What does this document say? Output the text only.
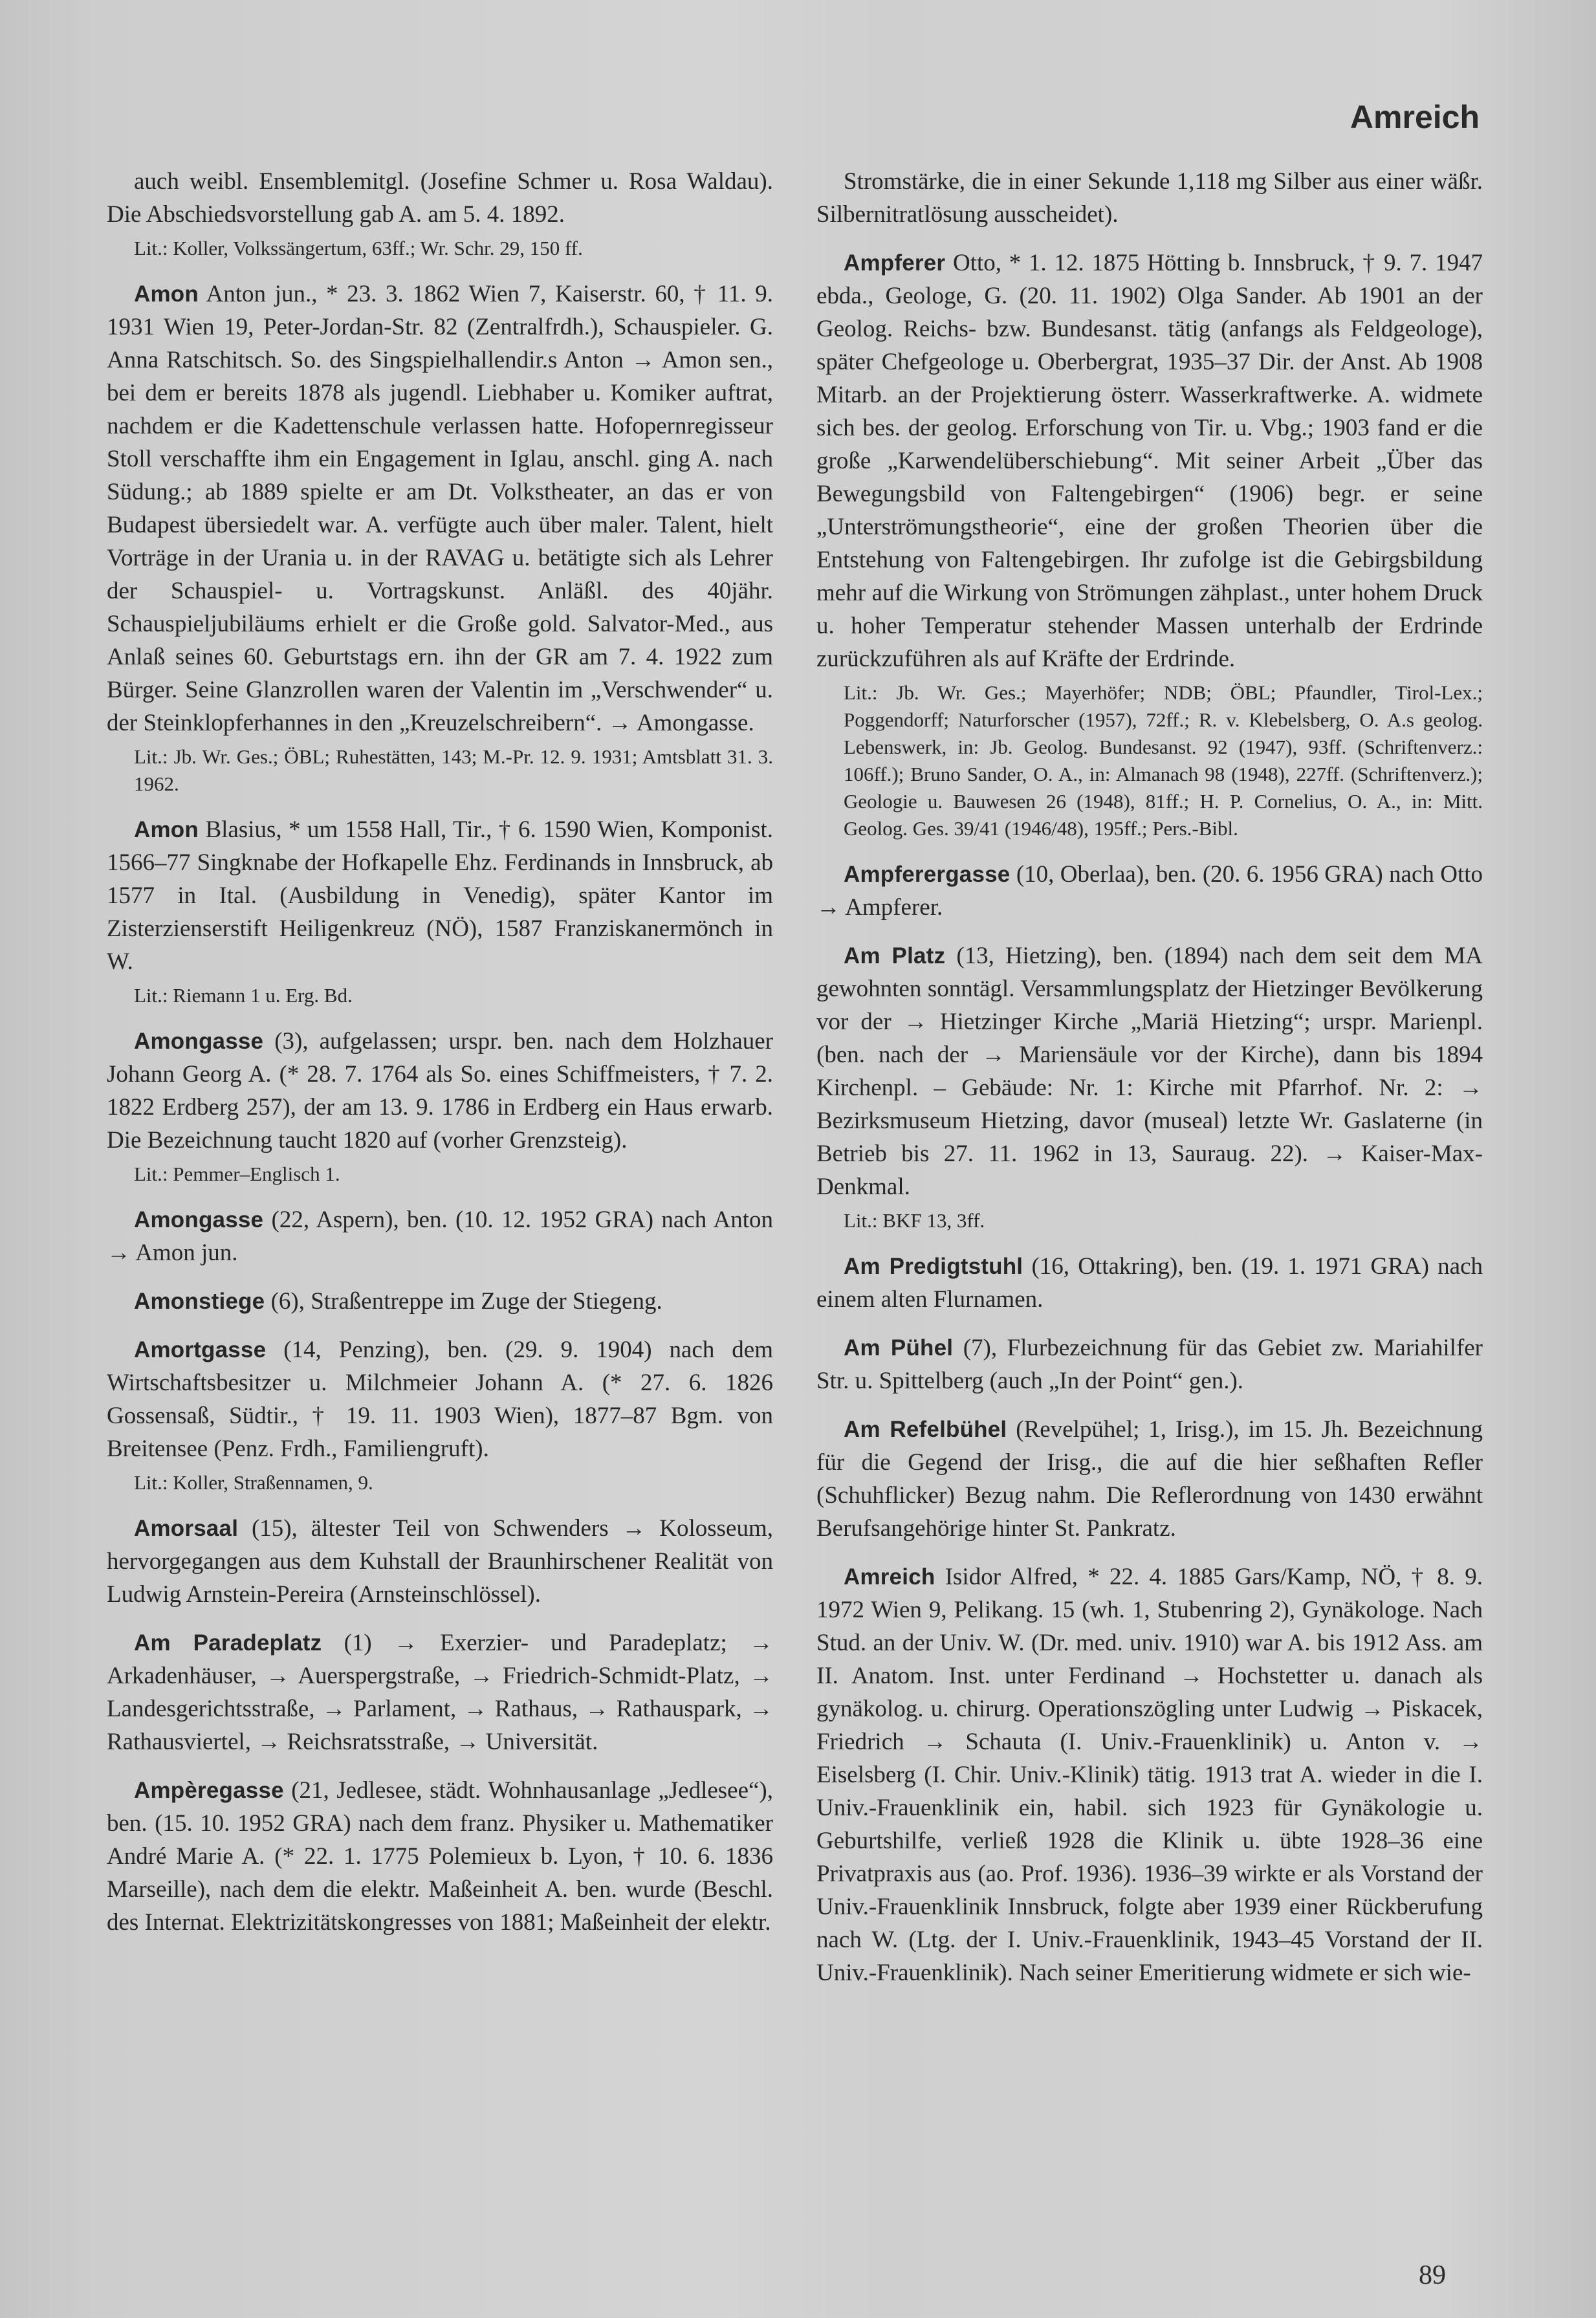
Amreich
auch weibl. Ensemblemitgl. (Josefine Schmer u. Rosa Waldau). Die Abschiedsvorstellung gab A. am 5. 4. 1892.
Lit.: Koller, Volkssängertum, 63ff.; Wr. Schr. 29, 150 ff.
Amon Anton jun., * 23. 3. 1862 Wien 7, Kaiserstr. 60, † 11. 9. 1931 Wien 19, Peter-Jordan-Str. 82 (Zentralfrdh.), Schauspieler. G. Anna Ratschitsch. So. des Singspielhallendir.s Anton → Amon sen., bei dem er bereits 1878 als jugendl. Liebhaber u. Komiker auftrat, nachdem er die Kadettenschule verlassen hatte. Hofopernregisseur Stoll verschaffte ihm ein Engagement in Iglau, anschl. ging A. nach Südung.; ab 1889 spielte er am Dt. Volkstheater, an das er von Budapest übersiedelt war. A. verfügte auch über maler. Talent, hielt Vorträge in der Urania u. in der RAVAG u. betätigte sich als Lehrer der Schauspiel- u. Vortragskunst. Anläßl. des 40jähr. Schauspieljubiläums erhielt er die Große gold. Salvator-Med., aus Anlaß seines 60. Geburtstags ern. ihn der GR am 7. 4. 1922 zum Bürger. Seine Glanzrollen waren der Valentin im „Verschwender“ u. der Steinklopferhannes in den „Kreuzelschreibern“. → Amongasse.
Lit.: Jb. Wr. Ges.; ÖBL; Ruhestätten, 143; M.-Pr. 12. 9. 1931; Amtsblatt 31. 3. 1962.
Amon Blasius, * um 1558 Hall, Tir., † 6. 1590 Wien, Komponist. 1566–77 Singknabe der Hofkapelle Ehz. Ferdinands in Innsbruck, ab 1577 in Ital. (Ausbildung in Venedig), später Kantor im Zisterzienserstift Heiligenkreuz (NÖ), 1587 Franziskanermönch in W.
Lit.: Riemann 1 u. Erg. Bd.
Amongasse (3), aufgelassen; urspr. ben. nach dem Holzhauer Johann Georg A. (* 28. 7. 1764 als So. eines Schiffmeisters, † 7. 2. 1822 Erdberg 257), der am 13. 9. 1786 in Erdberg ein Haus erwarb. Die Bezeichnung taucht 1820 auf (vorher Grenzsteig).
Lit.: Pemmer–Englisch 1.
Amongasse (22, Aspern), ben. (10. 12. 1952 GRA) nach Anton → Amon jun.
Amonstiege (6), Straßentreppe im Zuge der Stiegeng.
Amortgasse (14, Penzing), ben. (29. 9. 1904) nach dem Wirtschaftsbesitzer u. Milchmeier Johann A. (* 27. 6. 1826 Gossensaß, Südtir., † 19. 11. 1903 Wien), 1877–87 Bgm. von Breitensee (Penz. Frdh., Familiengruft).
Lit.: Koller, Straßennamen, 9.
Amorsaal (15), ältester Teil von Schwenders → Kolosseum, hervorgegangen aus dem Kuhstall der Braunhirschener Realität von Ludwig Arnstein-Pereira (Arnsteinschlössel).
Am Paradeplatz (1) → Exerzier- und Paradeplatz; → Arkadenhäuser, → Auerspergstraße, → Friedrich-Schmidt-Platz, → Landesgerichtsstraße, → Parlament, → Rathaus, → Rathauspark, → Rathausviertel, → Reichsratsstraße, → Universität.
Ampèregasse (21, Jedlesee, städt. Wohnhausanlage „Jedlesee“), ben. (15. 10. 1952 GRA) nach dem franz. Physiker u. Mathematiker André Marie A. (* 22. 1. 1775 Polemieux b. Lyon, † 10. 6. 1836 Marseille), nach dem die elektr. Maßeinheit A. ben. wurde (Beschl. des Internat. Elektrizitätskongresses von 1881; Maßeinheit der elektr.
Stromstärke, die in einer Sekunde 1,118 mg Silber aus einer wäßr. Silbernitratlösung ausscheidet).
Ampferer Otto, * 1. 12. 1875 Hötting b. Innsbruck, † 9. 7. 1947 ebda., Geologe, G. (20. 11. 1902) Olga Sander. Ab 1901 an der Geolog. Reichs- bzw. Bundesanst. tätig (anfangs als Feldgeologe), später Chefgeologe u. Oberbergrat, 1935–37 Dir. der Anst. Ab 1908 Mitarb. an der Projektierung österr. Wasserkraftwerke. A. widmete sich bes. der geolog. Erforschung von Tir. u. Vbg.; 1903 fand er die große „Karwendelüberschiebung“. Mit seiner Arbeit „Über das Bewegungsbild von Faltengebirgen“ (1906) begr. er seine „Unterströmungstheorie“, eine der großen Theorien über die Entstehung von Faltengebirgen. Ihr zufolge ist die Gebirgsbildung mehr auf die Wirkung von Strömungen zähplast., unter hohem Druck u. hoher Temperatur stehender Massen unterhalb der Erdrinde zurückzuführen als auf Kräfte der Erdrinde.
Lit.: Jb. Wr. Ges.; Mayerhöfer; NDB; ÖBL; Pfaundler, Tirol-Lex.; Poggendorff; Naturforscher (1957), 72ff.; R. v. Klebelsberg, O. A.s geolog. Lebenswerk, in: Jb. Geolog. Bundesanst. 92 (1947), 93ff. (Schriftenverz.: 106ff.); Bruno Sander, O. A., in: Almanach 98 (1948), 227ff. (Schriftenverz.); Geologie u. Bauwesen 26 (1948), 81ff.; H. P. Cornelius, O. A., in: Mitt. Geolog. Ges. 39/41 (1946/48), 195ff.; Pers.-Bibl.
Ampferergasse (10, Oberlaa), ben. (20. 6. 1956 GRA) nach Otto → Ampferer.
Am Platz (13, Hietzing), ben. (1894) nach dem seit dem MA gewohnten sonntägl. Versammlungsplatz der Hietzinger Bevölkerung vor der → Hietzinger Kirche „Mariä Hietzing“; urspr. Marienpl. (ben. nach der → Mariensäule vor der Kirche), dann bis 1894 Kirchenpl. – Gebäude: Nr. 1: Kirche mit Pfarrhof. Nr. 2: → Bezirksmuseum Hietzing, davor (museal) letzte Wr. Gaslaterne (in Betrieb bis 27. 11. 1962 in 13, Sauraug. 22). → Kaiser-Max-Denkmal.
Lit.: BKF 13, 3ff.
Am Predigtstuhl (16, Ottakring), ben. (19. 1. 1971 GRA) nach einem alten Flurnamen.
Am Pühel (7), Flurbezeichnung für das Gebiet zw. Mariahilfer Str. u. Spittelberg (auch „In der Point“ gen.).
Am Refelbühel (Revelpühel; 1, Irisg.), im 15. Jh. Bezeichnung für die Gegend der Irisg., die auf die hier seßhaften Refler (Schuhflicker) Bezug nahm. Die Reflerordnung von 1430 erwähnt Berufsangehörige hinter St. Pankratz.
Amreich Isidor Alfred, * 22. 4. 1885 Gars/Kamp, NÖ, † 8. 9. 1972 Wien 9, Pelikang. 15 (wh. 1, Stubenring 2), Gynäkologe. Nach Stud. an der Univ. W. (Dr. med. univ. 1910) war A. bis 1912 Ass. am II. Anatom. Inst. unter Ferdinand → Hochstetter u. danach als gynäkolog. u. chirurg. Operationszögling unter Ludwig → Piskacek, Friedrich → Schauta (I. Univ.-Frauenklinik) u. Anton v. → Eiselsberg (I. Chir. Univ.-Klinik) tätig. 1913 trat A. wieder in die I. Univ.-Frauenklinik ein, habil. sich 1923 für Gynäkologie u. Geburtshilfe, verließ 1928 die Klinik u. übte 1928–36 eine Privatpraxis aus (ao. Prof. 1936). 1936–39 wirkte er als Vorstand der Univ.-Frauenklinik Innsbruck, folgte aber 1939 einer Rückberufung nach W. (Ltg. der I. Univ.-Frauenklinik, 1943–45 Vorstand der II. Univ.-Frauenklinik). Nach seiner Emeritierung widmete er sich wie-
89
